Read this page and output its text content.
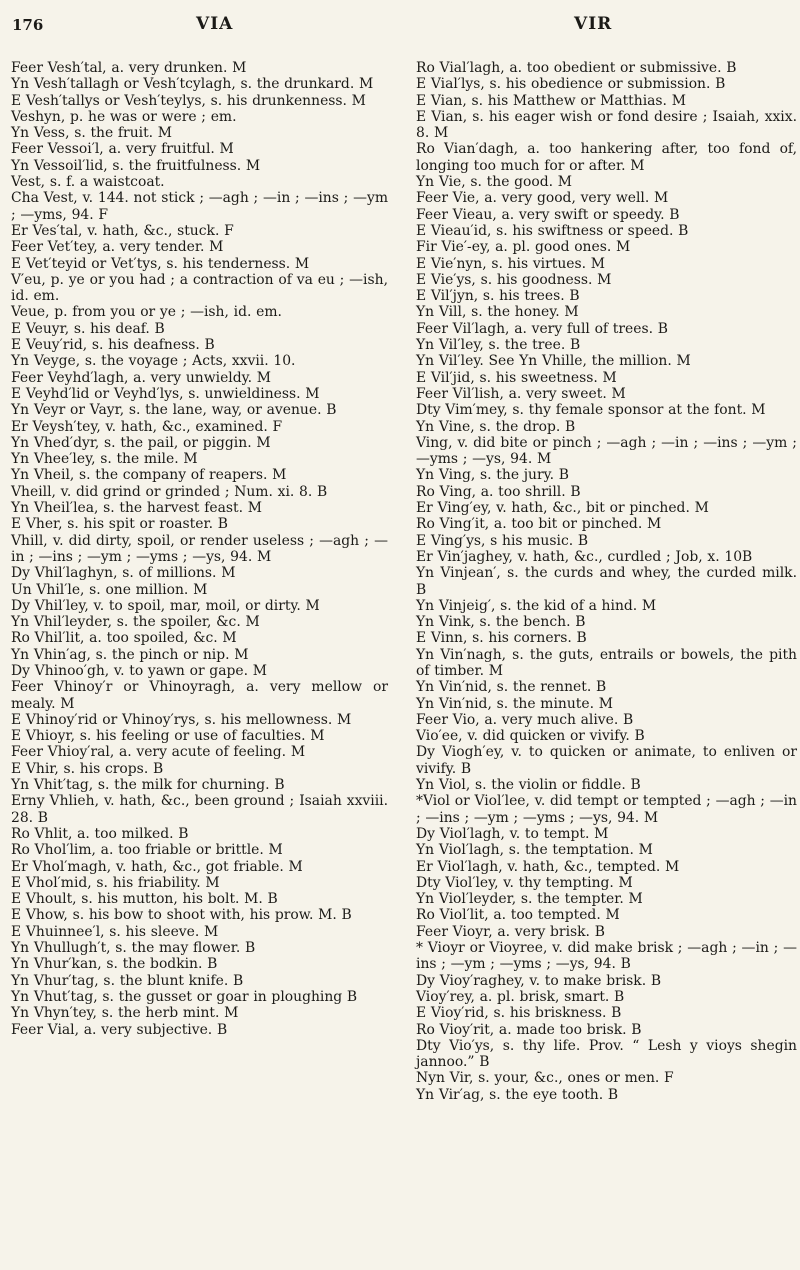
176	VIA	VIR

Feer Vesh′tal, a. very drunken. M

Yn Vesh′tallagh or Vesh′tcylagh, s. the drunkard. M

E Vesh′tallys or Vesh′teylys, s. his drunkenness. M

Veshyn, p. he was or were ; em.

Yn Vess, s. the fruit. M

Feer Vessoi′l, a. very fruitful. M

Yn Vessoil′lid, s. the fruitfulness. M

Vest, s. f. a waistcoat.

Cha Vest, v. 144. not stick ; —agh ; —in ; —ins ; —ym ; —yms, 94. F

Er Ves′tal, v. hath, &c., stuck. F

Feer Vet′tey, a. very tender. M

E Vet′teyid or Vet′tys, s. his tenderness. M

V′eu, p. ye or you had ; a contraction of va eu ; —ish, id. em.

Veue, p. from you or ye ; —ish, id. em.

E Veuyr, s. his deaf. B

E Veuy′rid, s. his deafness. B

Yn Veyge, s. the voyage ; Acts, xxvii. 10.

Feer Veyhd′lagh, a. very unwieldy. M

E Veyhd′lid or Veyhd′lys, s. unwieldiness. M

Yn Veyr or Vayr, s. the lane, way, or avenue. B

Er Veysh′tey, v. hath, &c., examined. F

Yn Vhed′dyr, s. the pail, or piggin. M

Yn Vhee′ley, s. the mile. M

Yn Vheil, s. the company of reapers. M

Vheill, v. did grind or grinded ; Num. xi. 8. B

Yn Vheil′lea, s. the harvest feast. M

E Vher, s. his spit or roaster. B

Vhill, v. did dirty, spoil, or render useless ; —agh ; —in ; —ins ; —ym ; —yms ; —ys, 94. M

Dy Vhil′laghyn, s. of millions. M

Un Vhil′le, s. one million. M

Dy Vhil′ley, v. to spoil, mar, moil, or dirty. M

Yn Vhil′leyder, s. the spoiler, &c. M

Ro Vhil′lit, a. too spoiled, &c. M

Yn Vhin′ag, s. the pinch or nip. M

Dy Vhinoo′gh, v. to yawn or gape. M

Feer Vhinoy′r or Vhinoyragh, a. very mellow or mealy. M

E Vhinoy′rid or Vhinoy′rys, s. his mellowness. M

E Vhioyr, s. his feeling or use of faculties. M

Feer Vhioy′ral, a. very acute of feeling. M

E Vhir, s. his crops. B

Yn Vhit′tag, s. the milk for churning. B

Erny Vhlieh, v. hath, &c., been ground ; Isaiah xxviii. 28. B

Ro Vhlit, a. too milked. B

Ro Vhol′lim, a. too friable or brittle. M

Er Vhol′magh, v. hath, &c., got friable. M

E Vhol′mid, s. his friability. M

E Vhoult, s. his mutton, his bolt. M. B

E Vhow, s. his bow to shoot with, his prow. M. B

E Vhuinnee′l, s. his sleeve. M

Yn Vhullugh′t, s. the may flower. B

Yn Vhur′kan, s. the bodkin. B

Yn Vhur′tag, s. the blunt knife. B

Yn Vhut′tag, s. the gusset or goar in ploughing B

Yn Vhyn′tey, s. the herb mint. M

Feer Vial, a. very subjective. B

Ro Vial′lagh, a. too obedient or submissive. B

E Vial′lys, s. his obedience or submission. B

E Vian, s. his Matthew or Matthias. M

E Vian, s. his eager wish or fond desire ; Isaiah, xxix. 8. M

Ro Vian′dagh, a. too hankering after, too fond of, longing too much for or after. M

Yn Vie, s. the good. M

Feer Vie, a. very good, very well. M

Feer Vieau, a. very swift or speedy. B

E Vieau′id, s. his swiftness or speed. B

Fir Vie′-ey, a. pl. good ones. M

E Vie′nyn, s. his virtues. M

E Vie′ys, s. his goodness. M

E Vil′jyn, s. his trees. B

Yn Vill, s. the honey. M

Feer Vil′lagh, a. very full of trees. B

Yn Vil′ley, s. the tree. B

Yn Vil′ley. See Yn Vhille, the million. M

E Vil′jid, s. his sweetness. M

Feer Vil′lish, a. very sweet. M

Dty Vim′mey, s. thy female sponsor at the font. M

Yn Vine, s. the drop. B

Ving, v. did bite or pinch ; —agh ; —in ; —ins ; —ym ; —yms ; —ys, 94. M

Yn Ving, s. the jury. B

Ro Ving, a. too shrill. B

Er Ving′ey, v. hath, &c., bit or pinched. M

Ro Ving′it, a. too bit or pinched. M

E Ving′ys, s his music. B

Er Vin′jaghey, v. hath, &c., curdled ; Job, x. 10B

Yn Vinjean′, s. the curds and whey, the curded milk. B

Yn Vinjeig′, s. the kid of a hind. M

Yn Vink, s. the bench. B

E Vinn, s. his corners. B

Yn Vin′nagh, s. the guts, entrails or bowels, the pith of timber. M

Yn Vin′nid, s. the rennet. B

Yn Vin′nid, s. the minute. M

Feer Vio, a. very much alive. B

Vio′ee, v. did quicken or vivify. B

Dy Viogh′ey, v. to quicken or animate, to enliven or vivify. B

Yn Viol, s. the violin or fiddle. B

*Viol or Viol′lee, v. did tempt or tempted ; —agh ; —in ; —ins ; —ym ; —yms ; —ys, 94. M

Dy Viol′lagh, v. to tempt. M

Yn Viol′lagh, s. the temptation. M

Er Viol′lagh, v. hath, &c., tempted. M

Dty Viol′ley, v. thy tempting. M

Yn Viol′leyder, s. the tempter. M

Ro Viol′lit, a. too tempted. M

Feer Vioyr, a. very brisk. B

* Vioyr or Vioyree, v. did make brisk ; —agh ; —in ; —ins ; —ym ; —yms ; —ys, 94. B

Dy Vioy′raghey, v. to make brisk. B

Vioy′rey, a. pl. brisk, smart. B

E Vioy′rid, s. his briskness. B

Ro Vioy′rit, a. made too brisk. B

Dty Vio′ys, s. thy life. Prov. “ Lesh y vioys shegin jannoo.” B

Nyn Vir, s. your, &c., ones or men. F

Yn Vir′ag, s. the eye tooth. B
